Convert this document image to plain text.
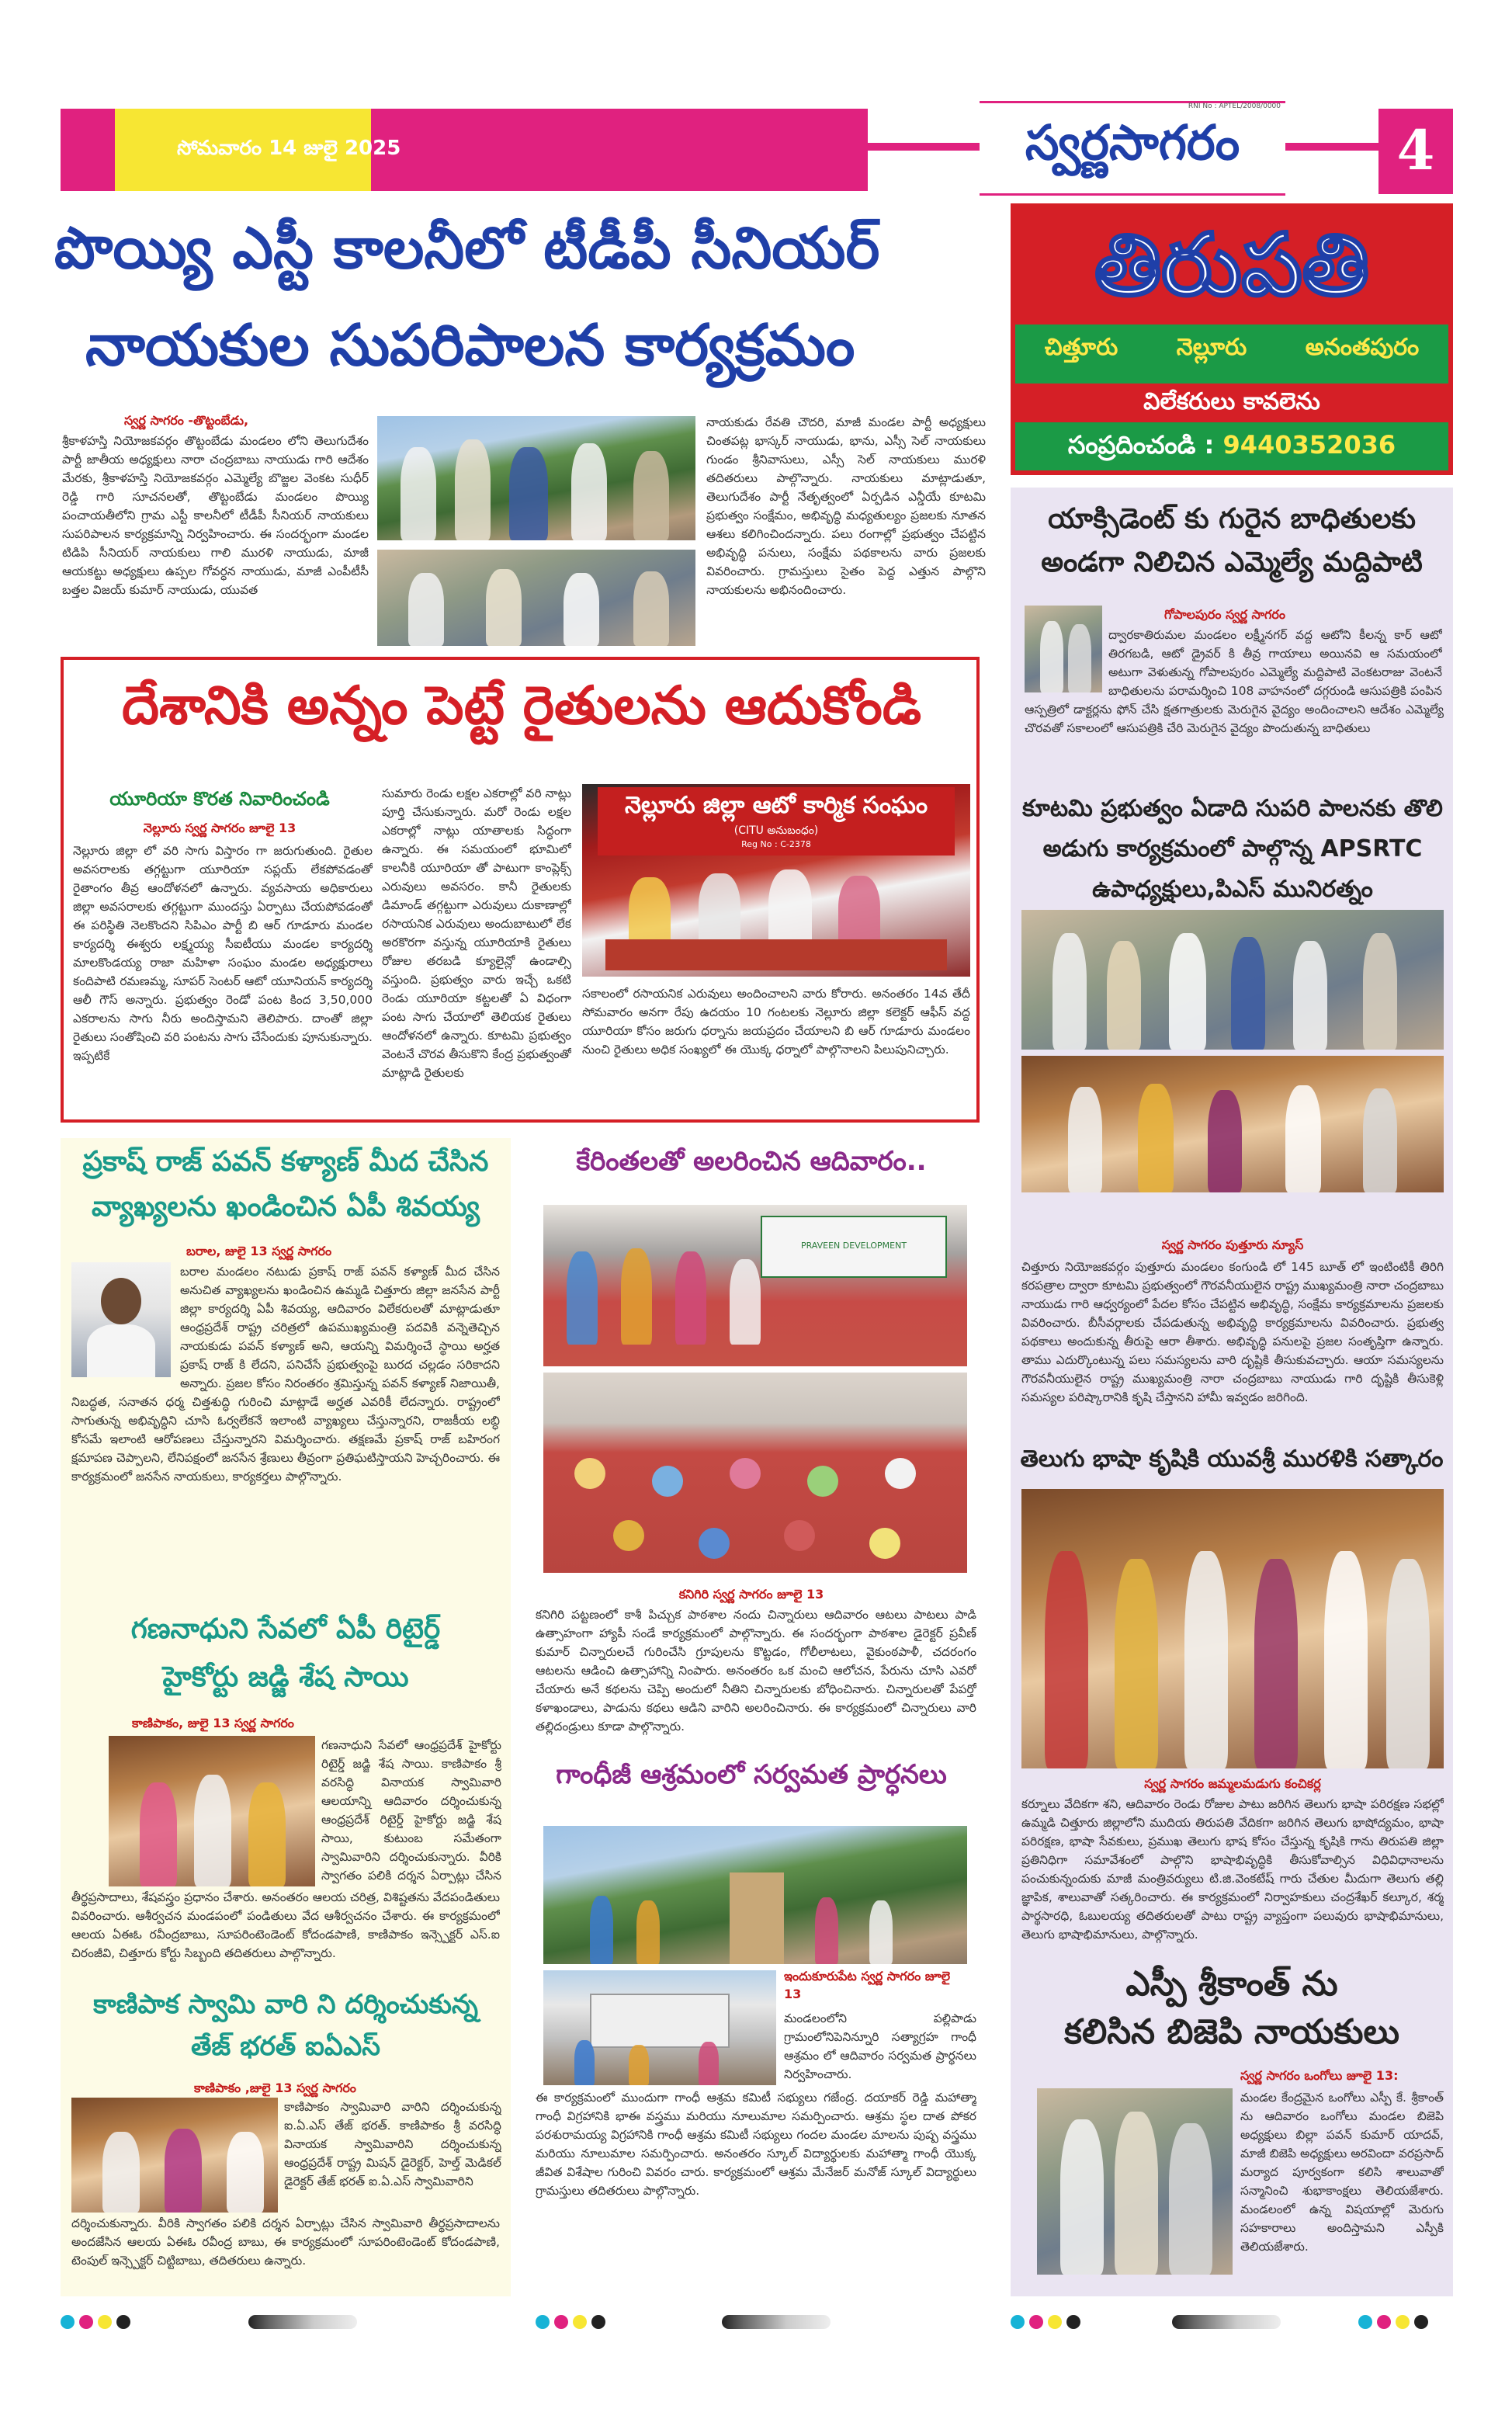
సోమవారం 14 జులై 2025	స్వర్ణసాగరం
RNI No : APTEL/2008/0000
4
పొయ్యి ఎస్టీ కాలనీలో టీడీపీ సీనియర్
నాయకుల సుపరిపాలన కార్యక్రమం
స్వర్ణ సాగరం -తొట్టంబేడు,

శ్రీకాళహస్తి నియోజకవర్గం తొట్టంబేడు మండలం లోని తెలుగుదేశం పార్టీ జాతీయ అధ్యక్షులు నారా చంద్రబాబు నాయుడు గారి ఆదేశం మేరకు, శ్రీకాళహస్తి నియోజకవర్గం ఎమ్మెల్యే బొజ్జల వెంకట సుధీర్ రెడ్డి గారి సూచనలతో, తొట్టంబేడు మండలం పొయ్యి పంచాయతీలోని గ్రామ ఎస్టీ కాలనీలో టీడీపీ సీనియర్ నాయకులు సుపరిపాలన కార్యక్రమాన్ని నిర్వహించారు. ఈ సందర్భంగా మండల టిడిపి సీనియర్ నాయకులు గాలి మురళి నాయుడు, మాజీ ఆయకట్టు అధ్యక్షులు ఉప్పల గోవర్ధన నాయుడు, మాజీ ఎంపీటీసీ బత్తల విజయ్ కుమార్ నాయుడు, యువత

నాయకుడు రేవతి చౌదరి, మాజీ మండల పార్టీ అధ్యక్షులు చింతపట్ల భాస్కర్ నాయుడు, భాను, ఎస్సీ సెల్ నాయకులు గుండం శ్రీనివాసులు, ఎస్సీ సెల్ నాయకులు మురళి తదితరులు పాల్గొన్నారు. నాయకులు మాట్లాడుతూ, తెలుగుదేశం పార్టీ నేతృత్వంలో ఏర్పడిన ఎన్డీయే కూటమి ప్రభుత్వం సంక్షేమం, అభివృద్ధి మధ్యతుల్యం ప్రజలకు నూతన ఆశలు కలిగించిందన్నారు. పలు రంగాల్లో ప్రభుత్వం చేపట్టిన అభివృద్ధి పనులు, సంక్షేమ పథకాలను వారు ప్రజలకు వివరించారు. గ్రామస్తులు సైతం పెద్ద ఎత్తున పాల్గొని నాయకులను అభినందించారు.

తిరుపతి
చిత్తూరు	నెల్లూరు	అనంతపురం
విలేకరులు కావలెను
సంప్రదించండి : 9440352036
దేశానికి అన్నం పెట్టే రైతులను ఆదుకోండి
యూరియా కొరత నివారించండి
నెల్లూరు స్వర్ణ సాగరం జూలై 13

నెల్లూరు జిల్లా లో వరి సాగు విస్తారం గా జరుగుతుంది. రైతుల అవసరాలకు తగ్గట్టుగా యూరియా సప్లయ్ లేకపోవడంతో రైతాంగం తీవ్ర ఆందోళనలో ఉన్నారు. వ్యవసాయ అధికారులు జిల్లా అవసరాలకు తగ్గట్టుగా ముందస్తు ఏర్పాటు చేయపోవడంతో ఈ పరిస్థితి నెలకొందని సిపిఎం పార్టీ బి ఆర్ గూడూరు మండల కార్యదర్శి ఈశ్వరు లక్ష్మయ్య సీఐటీయు మండల కార్యదర్శి మాలకొండయ్య రాజా మహిళా సంఘం మండల అధ్యక్షురాలు కందిపాటి రమణమ్మ, సూపర్ సెంటర్ ఆటో యూనియన్ కార్యదర్శి ఆలీ గౌస్ అన్నారు. ప్రభుత్వం రెండో పంట కింద 3,50,000 ఎకరాలను సాగు నీరు అందిస్తామని తెలిపారు. దాంతో జిల్లా రైతులు సంతోషించి వరి పంటను సాగు చేసేందుకు పూనుకున్నారు. ఇప్పటికే

సుమారు రెండు లక్షల ఎకరాల్లో వరి నాట్లు పూర్తి చేసుకున్నారు. మరో రెండు లక్షల ఎకరాల్లో నాట్లు యాతాలకు సిద్ధంగా ఉన్నారు. ఈ సమయంలో భూమిలో కాలనీకి యూరియా తో పాటుగా కాంప్లెక్స్ ఎరువులు అవసరం. కానీ రైతులకు డిమాండ్ తగ్గట్టుగా ఎరువులు దుకాణాల్లో రసాయనిక ఎరువులు అందుబాటులో లేక అరకొరగా వస్తున్న యూరియాకి రైతులు రోజుల తరబడి క్యూలైన్లో ఉండాల్సి వస్తుంది. ప్రభుత్వం వారు ఇచ్చే ఒకటి రెండు యూరియా కట్టలతో ఏ విధంగా పంట సాగు చేయాలో తెలియక రైతులు ఆందోళనలో ఉన్నారు. కూటమి ప్రభుత్వం వెంటనే చొరవ తీసుకొని కేంద్ర ప్రభుత్వంతో మాట్లాడి రైతులకు

నెల్లూరు జిల్లా ఆటో కార్మిక సంఘం
(CITU అనుబంధం)
Reg No : C-2378

సకాలంలో రసాయనిక ఎరువులు అందించాలని వారు కోరారు. అనంతరం 14వ తేదీ సోమవారం అనగా రేపు ఉదయం 10 గంటలకు నెల్లూరు జిల్లా కలెక్టర్ ఆఫీస్ వద్ద యూరియా కోసం జరుగు ధర్నాను జయప్రదం చేయాలని బి ఆర్ గూడూరు మండలం నుంచి రైతులు అధిక సంఖ్యలో ఈ యొక్క ధర్నాలో పాల్గొనాలని పిలుపునిచ్చారు.

యాక్సిడెంట్ కు గురైన బాధితులకు
అండగా నిలిచిన ఎమ్మెల్యే మద్దిపాటి
గోపాలపురం స్వర్ణ సాగరం

ద్వారకాతిరుమల మండలం లక్ష్మీనగర్ వద్ద ఆటోని కీలన్న కార్ ఆటో తిరగబడి, ఆటో డ్రైవర్ కి తీవ్ర గాయాలు అయినవి ఆ సమయంలో అటుగా వెళుతున్న గోపాలపురం ఎమ్మెల్యే మద్దిపాటి వెంకటరాజు వెంటనే బాధితులను పరామర్శించి 108 వాహనంలో దగ్గరుండి ఆసుపత్రికి పంపిన

ఆస్పత్రిలో డాక్టర్లను ఫోన్ చేసి క్షతగాత్రులకు మెరుగైన వైద్యం అందించాలని ఆదేశం ఎమ్మెల్యే చొరవతో సకాలంలో ఆసుపత్రికి చేరి మెరుగైన వైద్యం పొందుతున్న బాధితులు

కూటమి ప్రభుత్వం ఏడాది సుపరి పాలనకు తొలి అడుగు కార్యక్రమంలో పాల్గొన్న APSRTC ఉపాధ్యక్షులు,పిఎస్ మునిరత్నం
స్వర్ణ సాగరం పుత్తూరు న్యూస్

చిత్తూరు నియోజకవర్గం పుత్తూరు మండలం కంగుండి లో 145 బూత్ లో ఇంటింటికీ తిరిగి కరపత్రాల ద్వారా కూటమి ప్రభుత్వంలో గౌరవనీయులైన రాష్ట్ర ముఖ్యమంత్రి నారా చంద్రబాబు నాయుడు గారి ఆధ్వర్యంలో పేదల కోసం చేపట్టిన అభివృద్ధి, సంక్షేమ కార్యక్రమాలను ప్రజలకు వివరించారు. బీసీవర్గాలకు చేపడుతున్న అభివృద్ధి కార్యక్రమాలను వివరించారు. ప్రభుత్వ పథకాలు అందుకున్న తీరుపై ఆరా తీశారు. అభివృద్ధి పనులపై ప్రజల సంతృప్తిగా ఉన్నారు. తాము ఎదుర్కొంటున్న పలు సమస్యలను వారి దృష్టికి తీసుకువచ్చారు. ఆయా సమస్యలను గౌరవనీయులైన రాష్ట్ర ముఖ్యమంత్రి నారా చంద్రబాబు నాయుడు గారి దృష్టికి తీసుకెళ్లి సమస్యల పరిష్కారానికి కృషి చేస్తానని హామీ ఇవ్వడం జరిగింది.

తెలుగు భాషా కృషికి యువశ్రీ మురళికి సత్కారం
స్వర్ణ సాగరం జమ్మలమడుగు కంచికర్ల

కర్నూలు వేదికగా శని, ఆదివారం రెండు రోజుల పాటు జరిగిన తెలుగు భాషా పరిరక్షణ సభల్లో ఉమ్మడి చిత్తూరు జిల్లాలోని ముదియ తిరుపతి వేదికగా జరిగిన తెలుగు భాషోద్యమం, భాషా పరిరక్షణ, భాషా సేవకులు, ప్రముఖ తెలుగు భాష కోసం చేస్తున్న కృషికి గాను తిరుపతి జిల్లా ప్రతినిధిగా సమావేశంలో పాల్గొని భాషాభివృద్ధికి తీసుకోవాల్సిన విధివిధానాలను పంచుకున్నందుకు మాజీ మంత్రివర్యులు టి.జి.వెంకటేష్ గారు చేతుల మీదుగా తెలుగు తల్లి జ్ఞాపిక, శాలువాతో సత్కరించారు. ఈ కార్యక్రమంలో నిర్వాహకులు చంద్రశేఖర్ కల్కూర, శర్మ పార్థసారధి, ఓబులయ్య తదితరులతో పాటు రాష్ట్ర వ్యాప్తంగా పలువురు భాషాభిమానులు, తెలుగు భాషాభిమానులు, పాల్గొన్నారు.

ఎస్పీ శ్రీకాంత్ ను
కలిసిన బిజెపి నాయకులు
స్వర్ణ సాగరం ఒంగోలు జూలై 13:

మండల కేంద్రమైన ఒంగోలు ఎస్పీ కే. శ్రీకాంత్ ను ఆదివారం ఒంగోలు మండల బిజెపి అధ్యక్షులు బిల్లా పవన్ కుమార్ యాదవ్, మాజీ బిజెపి అధ్యక్షులు అరవిందా వరప్రసాద్ మర్యాద పూర్వకంగా కలిసి శాలువాతో సన్మానించి శుభాకాంక్షలు తెలియజేశారు. మండలంలో ఉన్న విషయాల్లో మెరుగు సహకారాలు అందిస్తామని ఎస్పీకి తెలియజేశారు.

ప్రకాష్ రాజ్ పవన్ కళ్యాణ్ మీద చేసిన
వ్యాఖ్యలను ఖండించిన ఏపీ శివయ్య
బరాల, జులై 13 స్వర్ణ సాగరం

బరాల మండలం నటుడు ప్రకాష్ రాజ్ పవన్ కళ్యాణ్ మీద చేసిన అనుచిత వ్యాఖ్యలను ఖండించిన ఉమ్మడి చిత్తూరు జిల్లా జనసేన పార్టీ జిల్లా కార్యదర్శి ఏపీ శివయ్య, ఆదివారం విలేకరులతో మాట్లాడుతూ ఆంధ్రప్రదేశ్ రాష్ట్ర చరిత్రలో ఉపముఖ్యమంత్రి పదవికి వన్నెతెచ్చిన నాయకుడు పవన్ కళ్యాణ్ అని, ఆయన్ని విమర్శించే స్థాయి అర్హత ప్రకాష్ రాజ్ కి లేదని, పనిచేసే ప్రభుత్వంపై బురద చల్లడం సరికాదని అన్నారు. ప్రజల కోసం నిరంతరం శ్రమిస్తున్న పవన్ కళ్యాణ్ నిజాయితీ, నిబద్ధత, సనాతన ధర్మ చిత్తశుద్ధి గురించి మాట్లాడే అర్హత ఎవరికీ లేదన్నారు. రాష్ట్రంలో సాగుతున్న అభివృద్ధిని చూసి ఓర్వలేకనే ఇలాంటి వ్యాఖ్యలు చేస్తున్నారని, రాజకీయ లబ్ధి కోసమే ఇలాంటి ఆరోపణలు చేస్తున్నారని విమర్శించారు. తక్షణమే ప్రకాష్ రాజ్ బహిరంగ క్షమాపణ చెప్పాలని, లేనిపక్షంలో జనసేన శ్రేణులు తీవ్రంగా ప్రతిఘటిస్తాయని హెచ్చరించారు. ఈ కార్యక్రమంలో జనసేన నాయకులు, కార్యకర్తలు పాల్గొన్నారు.

గణనాధుని సేవలో ఏపీ రిటైర్డ్
హైకోర్టు జడ్జి శేష సాయి
కాణిపాకం, జులై 13 స్వర్ణ సాగరం

గణనాధుని సేవలో ఆంధ్రప్రదేశ్ హైకోర్టు రిటైర్డ్ జడ్జి శేష సాయి. కాణిపాకం శ్రీ వరసిద్ధి వినాయక స్వామివారి ఆలయాన్ని ఆదివారం దర్శించుకున్న ఆంధ్రప్రదేశ్ రిటైర్డ్ హైకోర్టు జడ్జి శేష సాయి, కుటుంబ సమేతంగా స్వామివారిని దర్శించుకున్నారు. వీరికి స్వాగతం పలికి దర్శన ఏర్పాట్లు చేసిన

తీర్థప్రసాదాలు, శేషవస్త్రం ప్రధానం చేశారు. అనంతరం ఆలయ చరిత్ర, విశిష్టతను వేదపండితులు వివరించారు. ఆశీర్వచన మండపంలో పండితులు వేద ఆశీర్వచనం చేశారు. ఈ కార్యక్రమంలో ఆలయ ఏఈఓ రవీంద్రబాబు, సూపరింటెండెంట్ కోదండపాణి, కాణిపాకం ఇన్స్పెక్టర్ ఎస్.ఐ చిరంజీవి, చిత్తూరు కోర్టు సిబ్బంది తదితరులు పాల్గొన్నారు.

కాణిపాక స్వామి వారి ని దర్శించుకున్న
తేజ్ భరత్ ఐఏఎస్
కాణిపాకం ,జులై 13 స్వర్ణ సాగరం

కాణిపాకం స్వామివారి వారిని దర్శించుకున్న ఐ.ఏ.ఎస్ తేజ్ భరత్. కాణిపాకం శ్రీ వరసిద్ధి వినాయక స్వామివారిని దర్శించుకున్న ఆంధ్రప్రదేశ్ రాష్ట్ర మిషన్ డైరెక్టర్, హెల్త్ మెడికల్ డైరెక్టర్ తేజ్ భరత్ ఐ.ఏ.ఎస్ స్వామివారిని

దర్శించుకున్నారు. వీరికి స్వాగతం పలికి దర్శన ఏర్పాట్లు చేసిన స్వామివారి తీర్థప్రసాదాలను అందజేసిన ఆలయ ఏఈఓ రవీంద్ర బాబు, ఈ కార్యక్రమంలో సూపరింటెండెంట్ కోదండపాణి, టెంపుల్ ఇన్స్పెక్టర్ చిట్టిబాబు, తదితరులు ఉన్నారు.

కేరింతలతో అలరించిన ఆదివారం..
PRAVEEN DEVELOPMENT
కనిగిరి స్వర్ణ సాగరం జూలై 13

కనిగిరి పట్టణంలో కాశీ పిచ్చుక పాఠశాల నందు చిన్నారులు ఆదివారం ఆటలు పాటలు పాడి ఉత్సాహంగా హ్యాపీ సండే కార్యక్రమంలో పాల్గొన్నారు. ఈ సందర్భంగా పాఠశాల డైరెక్టర్ ప్రవీణ్ కుమార్ చిన్నారులచే గురించేసి గ్రూపులను కొట్టడం, గోలీలాటలు, వైకుంఠపాళీ, చదరంగం ఆటలను ఆడించి ఉత్సాహాన్ని నింపారు. అనంతరం ఒక మంచి ఆలోచన, పేరును చూసి ఎవరో చేయారు అనే కథలను చెప్పి అందులో నీతిని చిన్నారులకు బోధించినారు. చిన్నారులతో పేపర్తో కళాఖండాలు, పాడును కథలు ఆడిని వారిని అలరించినారు. ఈ కార్యక్రమంలో చిన్నారులు వారి తల్లిదండ్రులు కూడా పాల్గొన్నారు.

గాంధీజీ ఆశ్రమంలో సర్వమత ప్రార్ధనలు
ఇందుకూరుపేట స్వర్ణ సాగరం జూలై 13

మండలంలోని పల్లిపాడు గ్రామంలోనిపెనిన్నూరి సత్యాగ్రహ గాంధీ ఆశ్రమం లో ఆదివారం సర్వమత ప్రార్థనలు నిర్వహించారు.

ఈ కార్యక్రమంలో ముందుగా గాంధీ ఆశ్రమ కమిటీ సభ్యులు గజేంద్ర. దయాకర్ రెడ్డి మహాత్మా గాంధీ విగ్రహానికి భాఈ వస్త్రము మరియు నూలుమాల సమర్పించారు. ఆశ్రమ స్థల దాత పోకర పరశురామయ్య విగ్రహానికి గాంధీ ఆశ్రమ కమిటీ సభ్యులు గందల మండల మాలను పుష్ప వస్త్రము మరియు నూలుమాల సమర్పించారు. అనంతరం స్కూల్ విద్యార్థులకు మహాత్మా గాంధీ యొక్క జీవిత విశేషాల గురించి వివరం చారు. కార్యక్రమంలో ఆశ్రమ మేనేజర్ మనోజ్ స్కూల్ విద్యార్థులు గ్రామస్తులు తదితరులు పాల్గొన్నారు.
